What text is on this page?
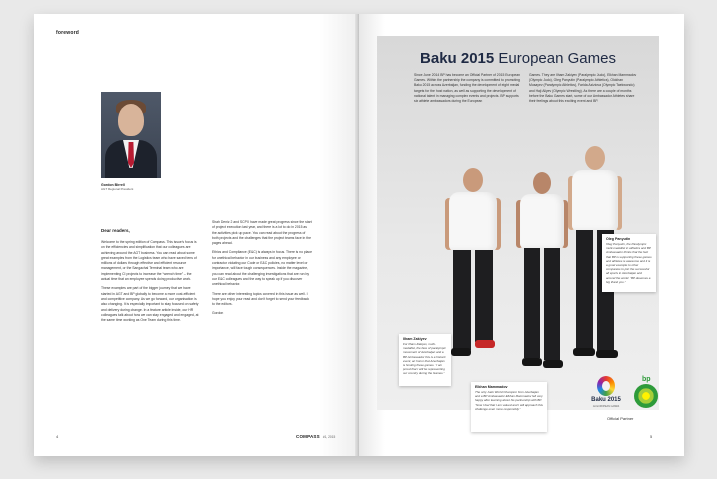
foreword
Gordon Birrell
AGT Regional President
Dear readers,

Welcome to the spring edition of Compass. This issue’s focus is on the efficiencies and simplification that our colleagues are achieving around the AGT business. You can read about some great examples from the Logistics team who have saved tens of millions of dollars through effective and efficient resource management, or the Sangachal Terminal team who are implementing CI projects to increase the “wrench time” – the actual time that an employee spends doing productive work.

These examples are part of the bigger journey that we have started in AGT and BP globally to become a more cost-efficient and competitive company. As we go forward, our organisation is also changing. It is especially important to stay focused on safety and delivery during change. In a feature article inside, our HR colleagues talk about how we can stay engaged and engaged, at the same time working as One Team during this time.

Shah Deniz 2 and SCPX have made great progress since the start of project execution last year, and there is a lot to do in 2015 as the activities pick up pace. You can read about the progress of both projects and the challenges that the project teams face in the pages ahead.

Ethics and Compliance (E&C) is always in focus. There is no place for unethical behavior in our business and any employee or contractor violating our Code or E&C policies, no matter level or importance, will face tough consequences. Inside the magazine, you can read about the challenging investigations that are run by our E&C colleagues and the way to speak up if you discover unethical behavior.

There are other interesting topics covered in this issue as well. I hope you enjoy your read and don’t forget to send your feedback to the editors.

Gordon

4	COMPASS #1, 2015
Baku 2015 European Games
Since June 2014 BP has become an Official Partner of 2015 European Games. Within the partnership the company is committed to promoting Baku 2015 across Azerbaijan, funding the development of eight medal targets for the host nation, as well as supporting the development of national talent in managing complex events and projects. BP supports six athlete ambassadors during the European
Games. They are Ilham Zakiyev (Paralympic Judo), Elkhan Mammadov (Olympic Judo), Oleg Panyutin (Paralympic Athletics), Olokhan Musayev (Paralympic Athletics), Farida Aziziova (Olympic Taekwondo) and Haji Aliyev (Olympic Wrestling). As there are a couple of months before the Baku Games start, some of our Ambassador Athletes share their feelings about this exciting event and BP.
Ilham Zakiyev
For Ilham Zakiyev, multi-medallist, the face of paralympic movement of Azerbaijan and a BP Ambassador this is a historic event, an honor that Azerbaijan is hosting these games. “I am proud that I will be representing our country during the Games.”
Elkhan Mammadov
The only Judo World Champion from Azerbaijan and a BP Ambassador Elkhan Mammadov felt very happy after learning about his partnership with BP. “Now I feel that I am valued and I will approach this challenge even more responsibly.”
Oleg Panyutin
Oleg Panyutin, the Paralympic multi-medallist in athletics and BP Ambassador thinks that the fact that BP is supporting these games and athletes is awesome and it is a good example to other companies to join the successful all sports in Azerbaijan and around the world. “BP deserves a big thank you.”
Baku 2015
1st EUROPEAN GAMES
bp
Official Partner
5
